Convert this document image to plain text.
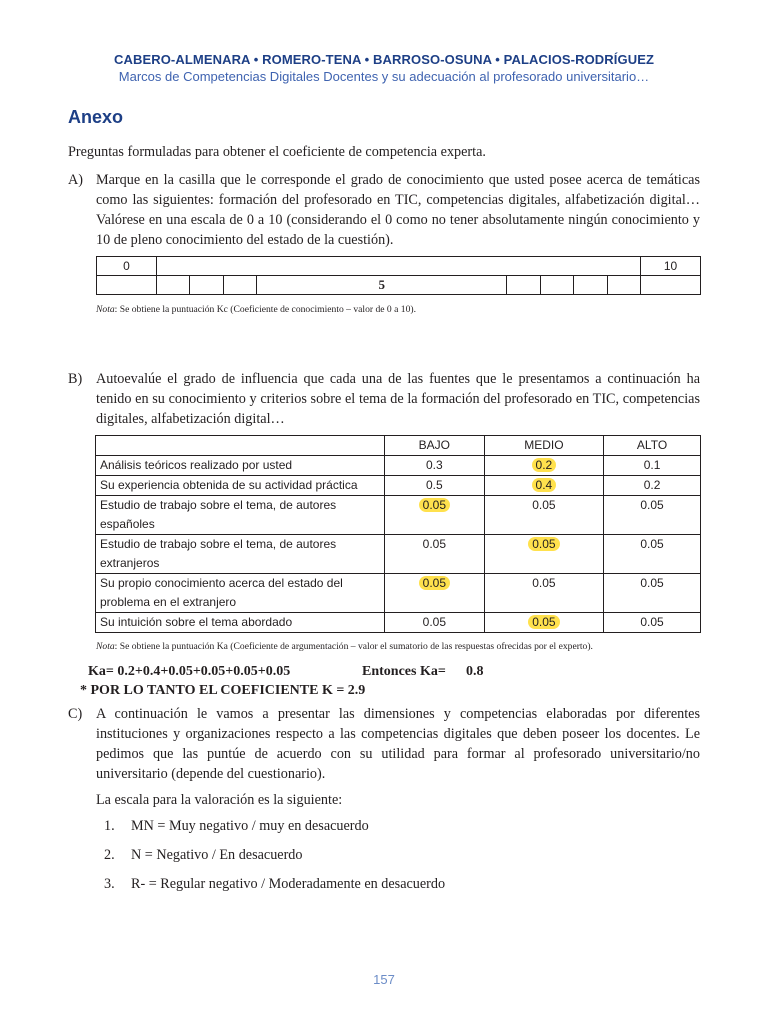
CABERO-ALMENARA • ROMERO-TENA • BARROSO-OSUNA • PALACIOS-RODRÍGUEZ
Marcos de Competencias Digitales Docentes y su adecuación al profesorado universitario…
Anexo
Preguntas formuladas para obtener el coeficiente de competencia experta.
A) Marque en la casilla que le corresponde el grado de conocimiento que usted posee acerca de temáticas como las siguientes: formación del profesorado en TIC, competencias digitales, alfabetización digital… Valórese en una escala de 0 a 10 (considerando el 0 como no tener absolutamente ningún conocimiento y 10 de pleno conocimiento del estado de la cuestión).
0									10
				5					
Nota: Se obtiene la puntuación Kc (Coeficiente de conocimiento – valor de 0 a 10).
B) Autoevalúe el grado de influencia que cada una de las fuentes que le presentamos a continuación ha tenido en su conocimiento y criterios sobre el tema de la formación del profesorado en TIC, competencias digitales, alfabetización digital…
	BAJO	MEDIO	ALTO
Análisis teóricos realizado por usted	0.3	0.2	0.1
Su experiencia obtenida de su actividad práctica	0.5	0.4	0.2
Estudio de trabajo sobre el tema, de autores españoles	0.05	0.05	0.05
Estudio de trabajo sobre el tema, de autores extranjeros	0.05	0.05	0.05
Su propio conocimiento acerca del estado del problema en el extranjero	0.05	0.05	0.05
Su intuición sobre el tema abordado	0.05	0.05	0.05
Nota: Se obtiene la puntuación Ka (Coeficiente de argumentación – valor el sumatorio de las respuestas ofrecidas por el experto).
Ka= 0.2+0.4+0.05+0.05+0.05+0.05	Entonces Ka= 0.8
* POR LO TANTO EL COEFICIENTE K = 2.9
C) A continuación le vamos a presentar las dimensiones y competencias elaboradas por diferentes instituciones y organizaciones respecto a las competencias digitales que deben poseer los docentes. Le pedimos que las puntúe de acuerdo con su utilidad para formar al profesorado universitario/no universitario (depende del cuestionario).
La escala para la valoración es la siguiente:
1. MN = Muy negativo / muy en desacuerdo
2. N = Negativo / En desacuerdo
3. R- = Regular negativo / Moderadamente en desacuerdo
157
